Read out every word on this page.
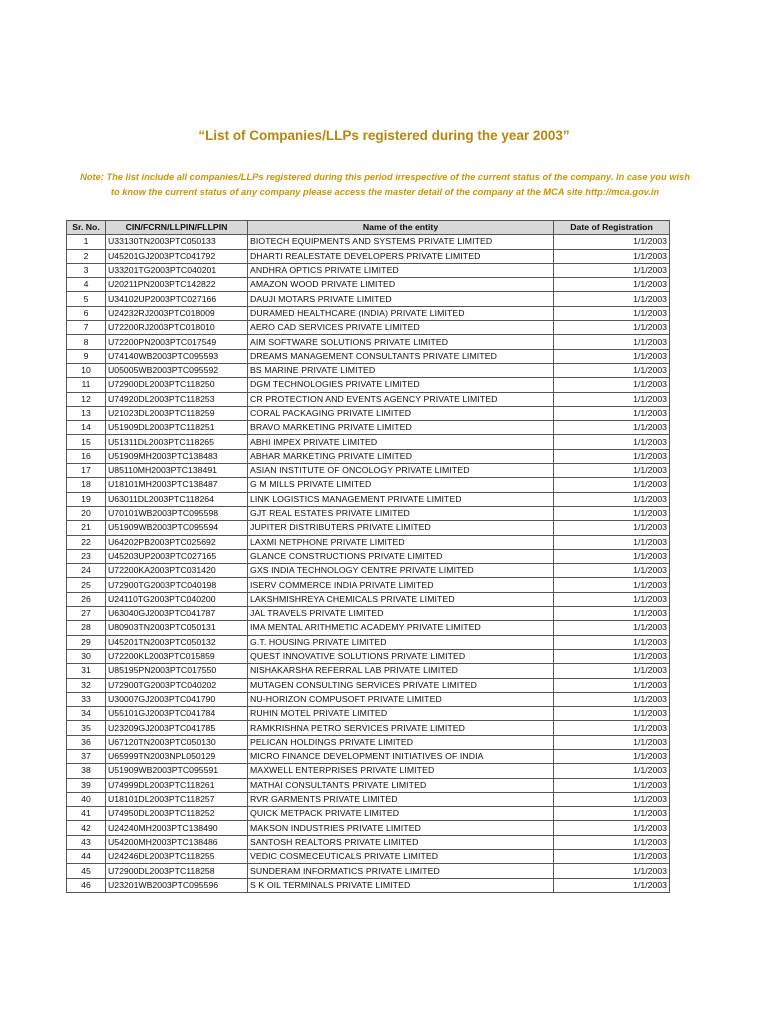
“List of Companies/LLPs registered during the year 2003”
Note: The list include all companies/LLPs registered during this period irrespective of the current status of the company. In case you wish
to know the current status of any company please access the master detail of the company at the MCA site http://mca.gov.in
Sr. No.	CIN/FCRN/LLPIN/FLLPIN	Name of the entity	Date of Registration
1	U33130TN2003PTC050133	BIOTECH EQUIPMENTS AND SYSTEMS PRIVATE LIMITED	1/1/2003
2	U45201GJ2003PTC041792	DHARTI REALESTATE DEVELOPERS PRIVATE LIMITED	1/1/2003
3	U33201TG2003PTC040201	ANDHRA OPTICS PRIVATE LIMITED	1/1/2003
4	U20211PN2003PTC142822	AMAZON WOOD PRIVATE LIMITED	1/1/2003
5	U34102UP2003PTC027166	DAUJI MOTARS PRIVATE LIMITED	1/1/2003
6	U24232RJ2003PTC018009	DURAMED HEALTHCARE (INDIA) PRIVATE LIMITED	1/1/2003
7	U72200RJ2003PTC018010	AERO CAD SERVICES PRIVATE LIMITED	1/1/2003
8	U72200PN2003PTC017549	AIM SOFTWARE SOLUTIONS PRIVATE LIMITED	1/1/2003
9	U74140WB2003PTC095593	DREAMS MANAGEMENT CONSULTANTS PRIVATE LIMITED	1/1/2003
10	U05005WB2003PTC095592	BS MARINE PRIVATE LIMITED	1/1/2003
11	U72900DL2003PTC118250	DGM TECHNOLOGIES PRIVATE LIMITED	1/1/2003
12	U74920DL2003PTC118253	CR PROTECTION AND EVENTS AGENCY PRIVATE LIMITED	1/1/2003
13	U21023DL2003PTC118259	CORAL PACKAGING PRIVATE LIMITED	1/1/2003
14	U51909DL2003PTC118251	BRAVO MARKETING PRIVATE LIMITED	1/1/2003
15	U51311DL2003PTC118265	ABHI IMPEX PRIVATE LIMITED	1/1/2003
16	U51909MH2003PTC138483	ABHAR MARKETING PRIVATE LIMITED	1/1/2003
17	U85110MH2003PTC138491	ASIAN INSTITUTE OF ONCOLOGY PRIVATE LIMITED	1/1/2003
18	U18101MH2003PTC138487	G M MILLS PRIVATE LIMITED	1/1/2003
19	U63011DL2003PTC118264	LINK LOGISTICS MANAGEMENT PRIVATE LIMITED	1/1/2003
20	U70101WB2003PTC095598	GJT REAL ESTATES PRIVATE LIMITED	1/1/2003
21	U51909WB2003PTC095594	JUPITER DISTRIBUTERS PRIVATE LIMITED	1/1/2003
22	U64202PB2003PTC025692	LAXMI NETPHONE PRIVATE LIMITED	1/1/2003
23	U45203UP2003PTC027165	GLANCE CONSTRUCTIONS PRIVATE LIMITED	1/1/2003
24	U72200KA2003PTC031420	GXS INDIA TECHNOLOGY CENTRE PRIVATE LIMITED	1/1/2003
25	U72900TG2003PTC040198	ISERV COMMERCE INDIA PRIVATE LIMITED	1/1/2003
26	U24110TG2003PTC040200	LAKSHMISHREYA CHEMICALS PRIVATE LIMITED	1/1/2003
27	U63040GJ2003PTC041787	JAL TRAVELS PRIVATE LIMITED	1/1/2003
28	U80903TN2003PTC050131	IMA MENTAL ARITHMETIC ACADEMY PRIVATE LIMITED	1/1/2003
29	U45201TN2003PTC050132	G.T. HOUSING PRIVATE LIMITED	1/1/2003
30	U72200KL2003PTC015859	QUEST INNOVATIVE SOLUTIONS PRIVATE LIMITED	1/1/2003
31	U85195PN2003PTC017550	NISHAKARSHA REFERRAL LAB PRIVATE LIMITED	1/1/2003
32	U72900TG2003PTC040202	MUTAGEN CONSULTING SERVICES PRIVATE LIMITED	1/1/2003
33	U30007GJ2003PTC041790	NU-HORIZON COMPUSOFT PRIVATE LIMITED	1/1/2003
34	U55101GJ2003PTC041784	RUHIN MOTEL PRIVATE LIMITED	1/1/2003
35	U23209GJ2003PTC041785	RAMKRISHNA PETRO SERVICES PRIVATE LIMITED	1/1/2003
36	U67120TN2003PTC050130	PELICAN HOLDINGS PRIVATE LIMITED	1/1/2003
37	U65999TN2003NPL050129	MICRO FINANCE DEVELOPMENT INITIATIVES OF INDIA	1/1/2003
38	U51909WB2003PTC095591	MAXWELL ENTERPRISES PRIVATE LIMITED	1/1/2003
39	U74999DL2003PTC118261	MATHAI CONSULTANTS PRIVATE LIMITED	1/1/2003
40	U18101DL2003PTC118257	RVR GARMENTS PRIVATE LIMITED	1/1/2003
41	U74950DL2003PTC118252	QUICK METPACK PRIVATE LIMITED	1/1/2003
42	U24240MH2003PTC138490	MAKSON INDUSTRIES PRIVATE LIMITED	1/1/2003
43	U54200MH2003PTC138486	SANTOSH REALTORS PRIVATE LIMITED	1/1/2003
44	U24246DL2003PTC118255	VEDIC COSMECEUTICALS PRIVATE LIMITED	1/1/2003
45	U72900DL2003PTC118258	SUNDERAM INFORMATICS PRIVATE LIMITED	1/1/2003
46	U23201WB2003PTC095596	S K OIL TERMINALS PRIVATE LIMITED	1/1/2003
